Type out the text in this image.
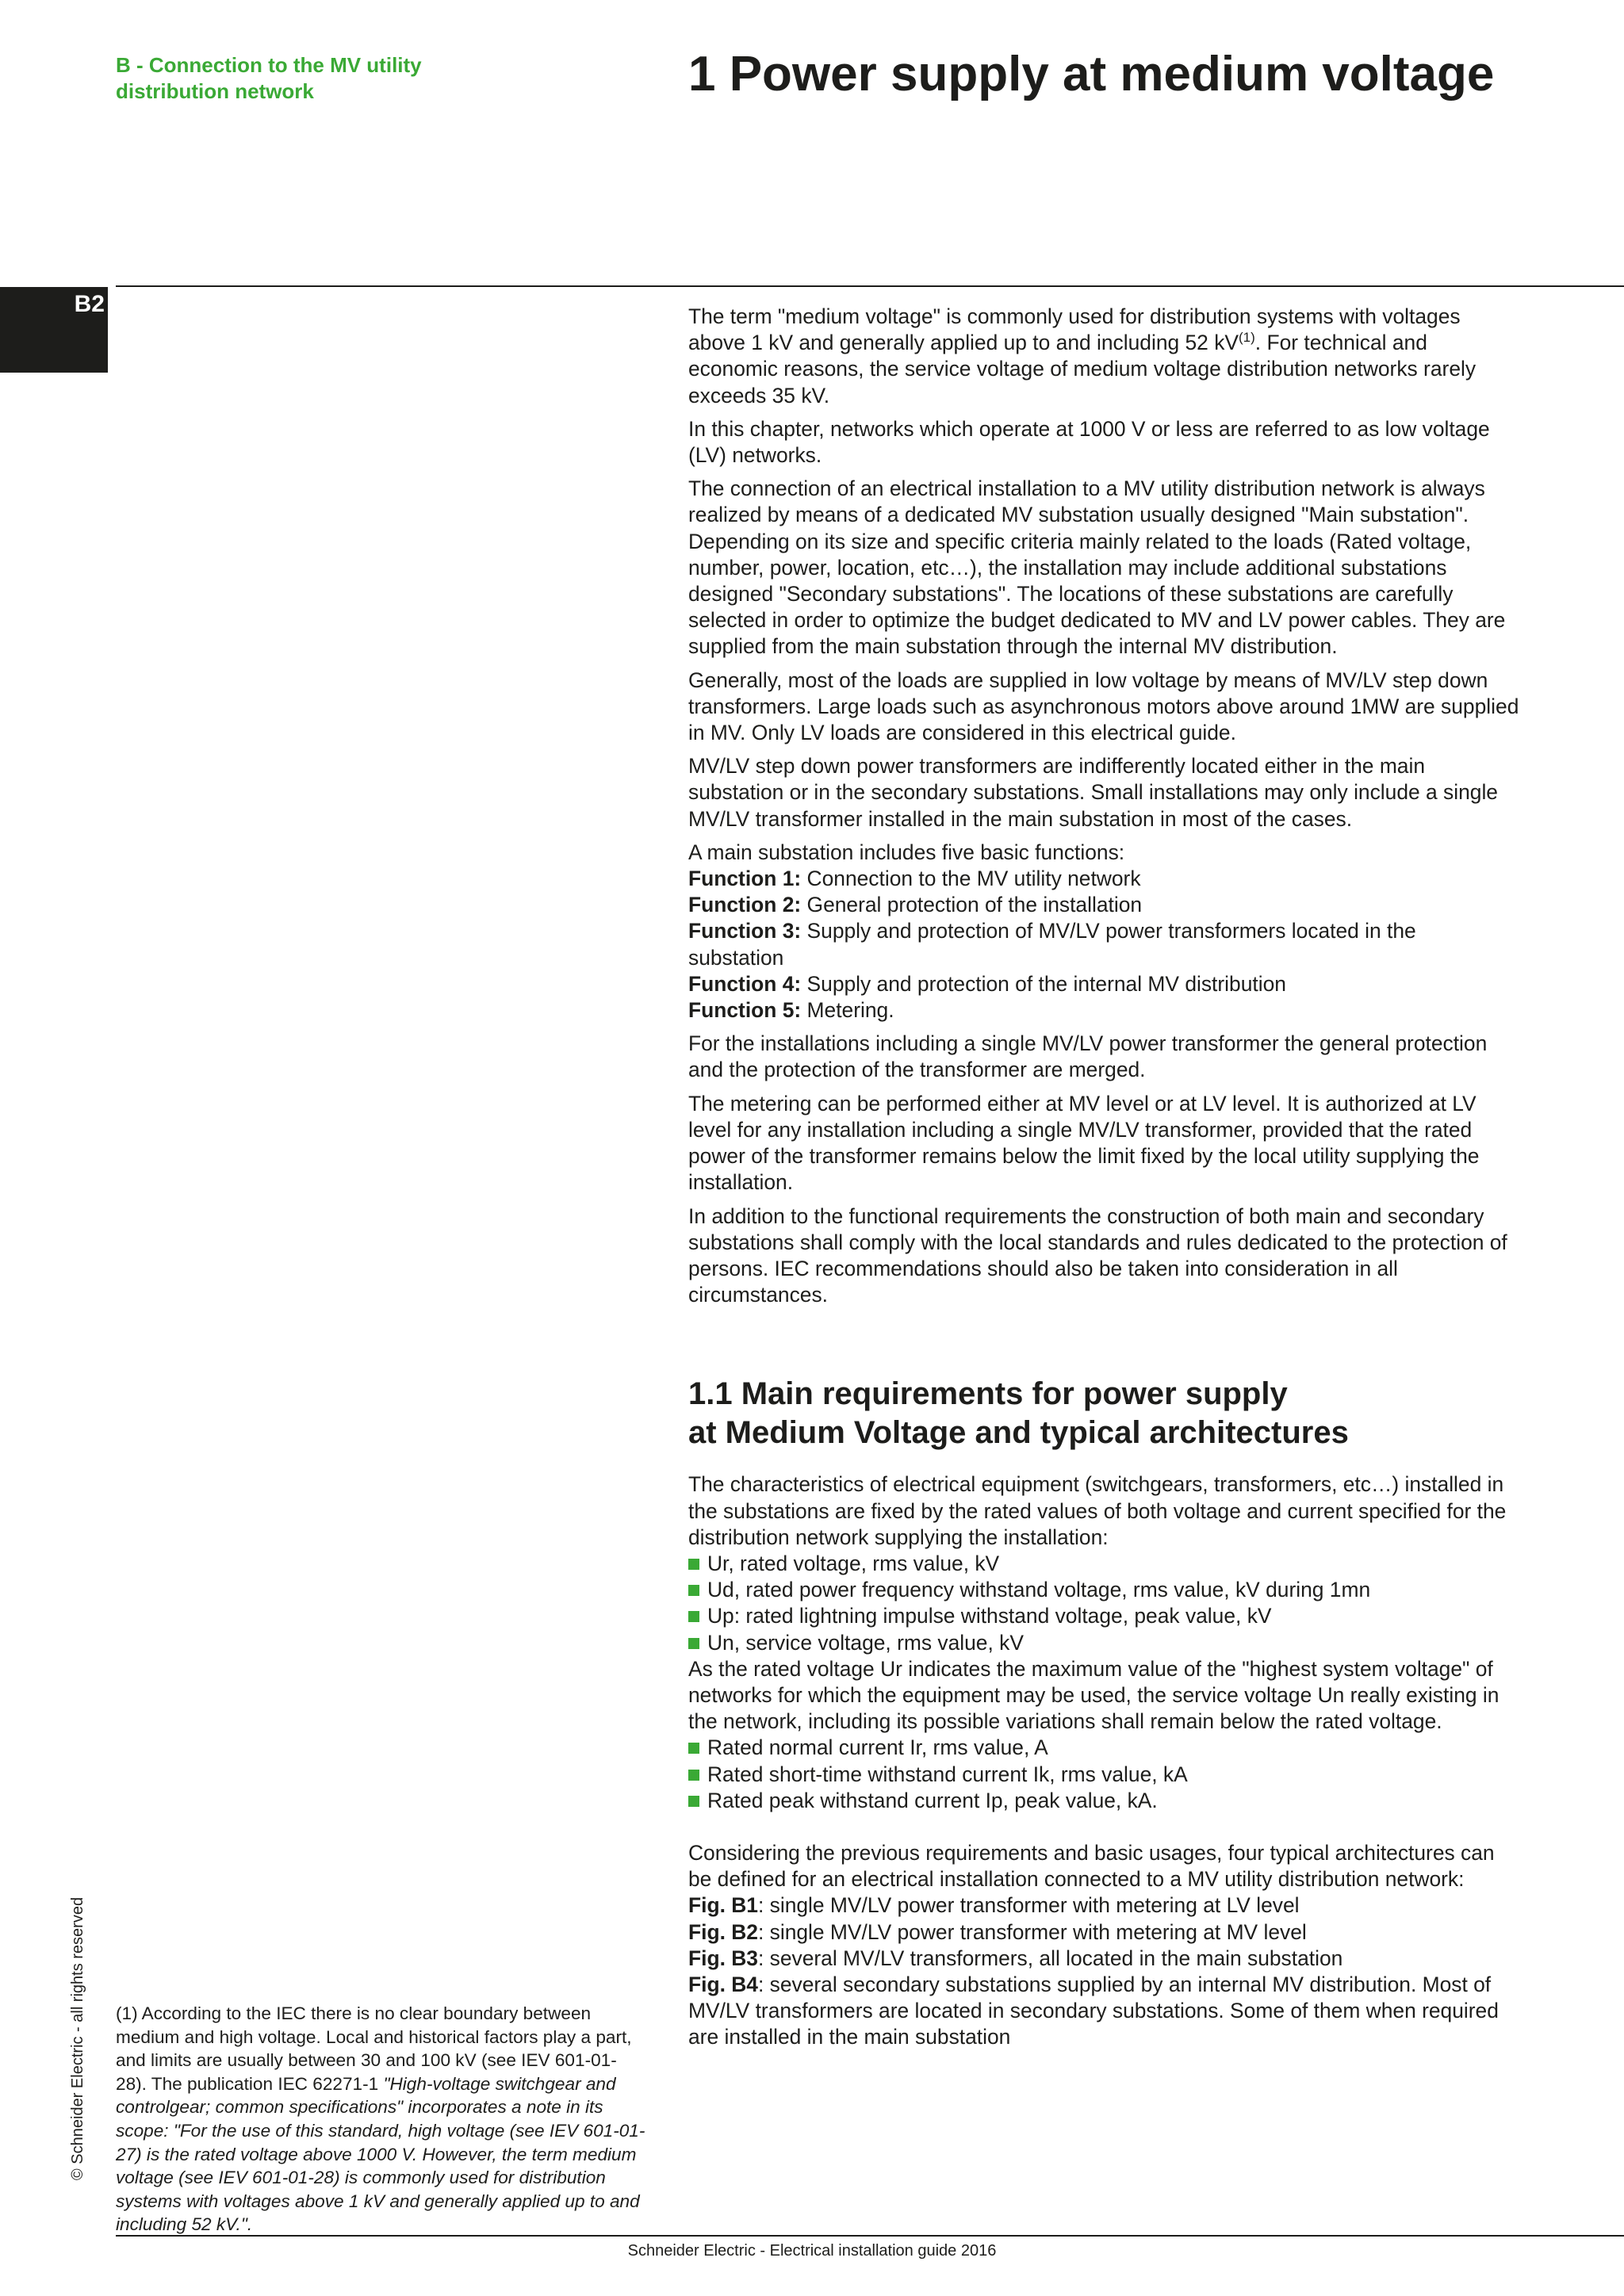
B - Connection to the MV utility
distribution network	1 Power supply at medium voltage
B2	The term "medium voltage" is commonly used for distribution systems with voltages above 1 kV and generally applied up to and including 52 $kV^{(1)}$. For technical and economic reasons, the service voltage of medium voltage distribution networks rarely exceeds 35 kV.

In this chapter, networks which operate at 1000 V or less are referred to as low voltage (LV) networks.

The connection of an electrical installation to a MV utility distribution network is always realized by means of a dedicated MV substation usually designed "Main substation". Depending on its size and specific criteria mainly related to the loads (Rated voltage, number, power, location, etc…), the installation may include additional substations designed "Secondary substations". The locations of these substations are carefully selected in order to optimize the budget dedicated to MV and LV power cables. They are supplied from the main substation through the internal MV distribution.

Generally, most of the loads are supplied in low voltage by means of MV/LV step down transformers. Large loads such as asynchronous motors above around 1MW are supplied in MV. Only LV loads are considered in this electrical guide.

MV/LV step down power transformers are indifferently located either in the main substation or in the secondary substations. Small installations may only include a single MV/LV transformer installed in the main substation in most of the cases.

A main substation includes five basic functions:
Function 1: Connection to the MV utility network
Function 2: General protection of the installation
Function 3: Supply and protection of MV/LV power transformers located in the substation
Function 4: Supply and protection of the internal MV distribution
Function 5: Metering.

For the installations including a single MV/LV power transformer the general protection and the protection of the transformer are merged.

The metering can be performed either at MV level or at LV level. It is authorized at LV level for any installation including a single MV/LV transformer, provided that the rated power of the transformer remains below the limit fixed by the local utility supplying the installation.

In addition to the functional requirements the construction of both main and secondary substations shall comply with the local standards and rules dedicated to the protection of persons. IEC recommendations should also be taken into consideration in all circumstances.

1.1 Main requirements for power supply
at Medium Voltage and typical architectures

The characteristics of electrical equipment (switchgears, transformers, etc…) installed in the substations are fixed by the rated values of both voltage and current specified for the distribution network supplying the installation:

Ur, rated voltage, rms value, kV
Ud, rated power frequency withstand voltage, rms value, kV during 1mn
Up: rated lightning impulse withstand voltage, peak value, kV
Un, service voltage, rms value, kV

As the rated voltage Ur indicates the maximum value of the "highest system voltage" of networks for which the equipment may be used, the service voltage Un really existing in the network, including its possible variations shall remain below the rated voltage.

Rated normal current Ir, rms value, A
Rated short-time withstand current Ik, rms value, kA
Rated peak withstand current Ip, peak value, kA.

Considering the previous requirements and basic usages, four typical architectures can be defined for an electrical installation connected to a MV utility distribution network:

Fig. B1: single MV/LV power transformer with metering at LV level
Fig. B2: single MV/LV power transformer with metering at MV level
Fig. B3: several MV/LV transformers, all located in the main substation
Fig. B4: several secondary substations supplied by an internal MV distribution. Most of MV/LV transformers are located in secondary substations. Some of them when required are installed in the main substation
(1) According to the IEC there is no clear boundary between medium and high voltage. Local and historical factors play a part, and limits are usually between 30 and 100 kV (see IEV 601-01-28). The publication IEC 62271-1 "High-voltage switchgear and controlgear; common specifications" incorporates a note in its scope: "For the use of this standard, high voltage (see IEV 601-01-27) is the rated voltage above 1000 V. However, the term medium voltage (see IEV 601-01-28) is commonly used for distribution systems with voltages above 1 kV and generally applied up to and including 52 kV.".
© Schneider Electric - all rights reserved
Schneider Electric - Electrical installation guide 2016
